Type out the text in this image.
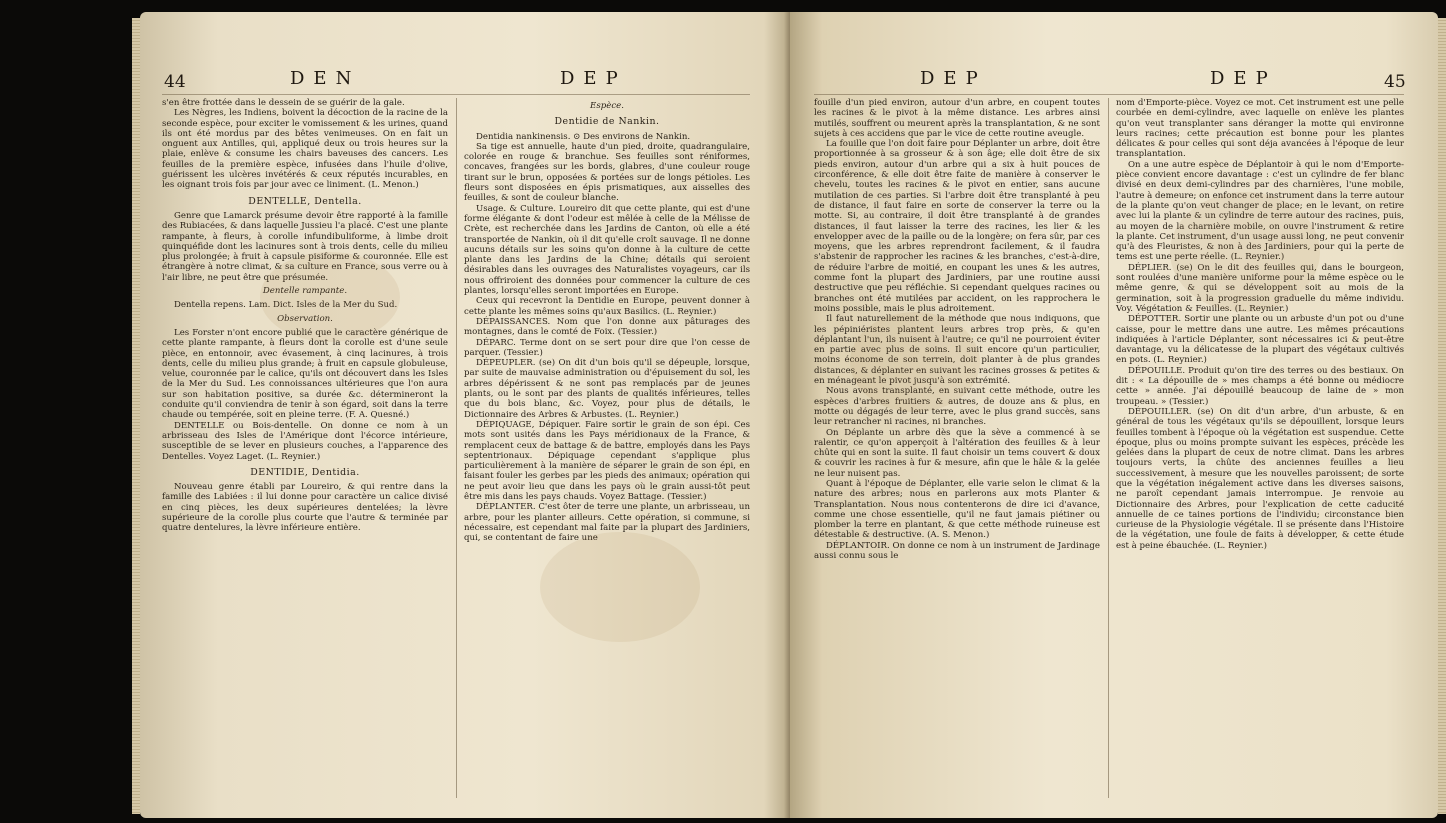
44	DEN	DEP

s'en être frottée dans le dessein de se guérir de la gale.

Les Nègres, les Indiens, boivent la décoction de la racine de la seconde espèce, pour exciter le vomissement & les urines, quand ils ont été mordus par des bêtes venimeuses. On en fait un onguent aux Antilles, qui, appliqué deux ou trois heures sur la plaie, enlève & consume les chairs baveuses des cancers. Les feuilles de la première espèce, infusées dans l'huile d'olive, guérissent les ulcères invétérés & ceux réputés incurables, en les oignant trois fois par jour avec ce liniment. (L. Menon.)

DENTELLE, Dentella.

Genre que Lamarck présume devoir être rapporté à la famille des Rubiacées, & dans laquelle Jussieu l'a placé. C'est une plante rampante, à fleurs, à corolle infundibuliforme, à limbe droit quinquéfide dont les lacinures sont à trois dents, celle du milieu plus prolongée; à fruit à capsule pisiforme & couronnée. Elle est étrangère à notre climat, & sa culture en France, sous verre ou à l'air libre, ne peut être que présumée.

Dentelle rampante.

Dentella repens. Lam. Dict. Isles de la Mer du Sud.

Observation.

Les Forster n'ont encore publié que le caractère générique de cette plante rampante, à fleurs dont la corolle est d'une seule pièce, en entonnoir, avec évasement, à cinq lacinures, à trois dents, celle du milieu plus grande; à fruit en capsule globuleuse, velue, couronnée par le calice, qu'ils ont découvert dans les Isles de la Mer du Sud. Les connoissances ultérieures que l'on aura sur son habitation positive, sa durée &c. détermineront la conduite qu'il conviendra de tenir à son égard, soit dans la terre chaude ou tempérée, soit en pleine terre. (F. A. Quesné.)

DENTELLE ou Bois-dentelle. On donne ce nom à un arbrisseau des Isles de l'Amérique dont l'écorce intérieure, susceptible de se lever en plusieurs couches, a l'apparence des Dentelles. Voyez Laget. (L. Reynier.)

DENTIDIE, Dentidia.

Nouveau genre établi par Loureiro, & qui rentre dans la famille des Labiées : il lui donne pour caractère un calice divisé en cinq pièces, les deux supérieures dentelées; la lèvre supérieure de la corolle plus courte que l'autre & terminée par quatre dentelures, la lèvre inférieure entière.

Espèce.
Dentidie de Nankin.

Dentidia nankinensis. ⊙ Des environs de Nankin.

Sa tige est annuelle, haute d'un pied, droite, quadrangulaire, colorée en rouge & branchue. Ses feuilles sont réniformes, concaves, frangées sur les bords, glabres, d'une couleur rouge tirant sur le brun, opposées & portées sur de longs pétioles. Les fleurs sont disposées en épis prismatiques, aux aisselles des feuilles, & sont de couleur blanche.

Usage. & Culture. Loureiro dit que cette plante, qui est d'une forme élégante & dont l'odeur est mêlée à celle de la Mélisse de Crète, est recherchée dans les Jardins de Canton, où elle a été transportée de Nankin, où il dit qu'elle croît sauvage. Il ne donne aucuns détails sur les soins qu'on donne à la culture de cette plante dans les Jardins de la Chine; détails qui seroient désirables dans les ouvrages des Naturalistes voyageurs, car ils nous offriroient des données pour commencer la culture de ces plantes, lorsqu'elles seront importées en Europe.

Ceux qui recevront la Dentidie en Europe, peuvent donner à cette plante les mêmes soins qu'aux Basilics. (L. Reynier.)

DÉPAISSANCES. Nom que l'on donne aux pâturages des montagnes, dans le comté de Foix. (Tessier.)

DÉPARC. Terme dont on se sert pour dire que l'on cesse de parquer. (Tessier.)

DÉPEUPLER. (se) On dit d'un bois qu'il se dépeuple, lorsque, par suite de mauvaise administration ou d'épuisement du sol, les arbres dépérissent & ne sont pas remplacés par de jeunes plants, ou le sont par des plants de qualités inférieures, telles que du bois blanc, &c. Voyez, pour plus de détails, le Dictionnaire des Arbres & Arbustes. (L. Reynier.)

DÉPIQUAGE, Dépiquer. Faire sortir le grain de son épi. Ces mots sont usités dans les Pays méridionaux de la France, & remplacent ceux de battage & de battre, employés dans les Pays septentrionaux. Dépiquage cependant s'applique plus particulièrement à la manière de séparer le grain de son épi, en faisant fouler les gerbes par les pieds des animaux; opération qui ne peut avoir lieu que dans les pays où le grain aussi-tôt peut être mis dans les pays chauds. Voyez Battage. (Tessier.)

DÉPLANTER. C'est ôter de terre une plante, un arbrisseau, un arbre, pour les planter ailleurs. Cette opération, si commune, si nécessaire, est cependant mal faite par la plupart des Jardiniers, qui, se contentant de faire une

DEP	DEP	45

fouille d'un pied environ, autour d'un arbre, en coupent toutes les racines & le pivot à la même distance. Les arbres ainsi mutilés, souffrent ou meurent après la transplantation, & ne sont sujets à ces accidens que par le vice de cette routine aveugle.

La fouille que l'on doit faire pour Déplanter un arbre, doit être proportionnée à sa grosseur & à son âge; elle doit être de six pieds environ, autour d'un arbre qui a six à huit pouces de circonférence, & elle doit être faite de manière à conserver le chevelu, toutes les racines & le pivot en entier, sans aucune mutilation de ces parties. Si l'arbre doit être transplanté à peu de distance, il faut faire en sorte de conserver la terre ou la motte. Si, au contraire, il doit être transplanté à de grandes distances, il faut laisser la terre des racines, les lier & les envelopper avec de la paille ou de la longère; on fera sûr, par ces moyens, que les arbres reprendront facilement, & il faudra s'abstenir de rapprocher les racines & les branches, c'est-à-dire, de réduire l'arbre de moitié, en coupant les unes & les autres, comme font la plupart des Jardiniers, par une routine aussi destructive que peu réfléchie. Si cependant quelques racines ou branches ont été mutilées par accident, on les rapprochera le moins possible, mais le plus adroitement.

Il faut naturellement de la méthode que nous indiquons, que les pépiniéristes plantent leurs arbres trop près, & qu'en déplantant l'un, ils nuisent à l'autre; ce qu'il ne pourroient éviter en partie avec plus de soins. Il suit encore qu'un particulier, moins économe de son terrein, doit planter à de plus grandes distances, & déplanter en suivant les racines grosses & petites & en ménageant le pivot jusqu'à son extrémité.

Nous avons transplanté, en suivant cette méthode, outre les espèces d'arbres fruitiers & autres, de douze ans & plus, en motte ou dégagés de leur terre, avec le plus grand succès, sans leur retrancher ni racines, ni branches.

On Déplante un arbre dès que la sève a commencé à se ralentir, ce qu'on apperçoit à l'altération des feuilles & à leur chûte qui en sont la suite. Il faut choisir un tems couvert & doux & couvrir les racines à fur & mesure, afin que le hâle & la gelée ne leur nuisent pas.

Quant à l'époque de Déplanter, elle varie selon le climat & la nature des arbres; nous en parlerons aux mots Planter & Transplantation. Nous nous contenterons de dire ici d'avance, comme une chose essentielle, qu'il ne faut jamais piétiner ou plomber la terre en plantant, & que cette méthode ruineuse est détestable & destructive. (A. S. Menon.)

DÉPLANTOIR. On donne ce nom à un instrument de Jardinage aussi connu sous le

nom d'Emporte-pièce. Voyez ce mot. Cet instrument est une pelle courbée en demi-cylindre, avec laquelle on enlève les plantes qu'on veut transplanter sans déranger la motte qui environne leurs racines; cette précaution est bonne pour les plantes délicates & pour celles qui sont déja avancées à l'époque de leur transplantation.

On a une autre espèce de Déplantoir à qui le nom d'Emporte-pièce convient encore davantage : c'est un cylindre de fer blanc divisé en deux demi-cylindres par des charnières, l'une mobile, l'autre à demeure; on enfonce cet instrument dans la terre autour de la plante qu'on veut changer de place; en le levant, on retire avec lui la plante & un cylindre de terre autour des racines, puis, au moyen de la charnière mobile, on ouvre l'instrument & retire la plante. Cet instrument, d'un usage aussi long, ne peut convenir qu'à des Fleuristes, & non à des Jardiniers, pour qui la perte de tems est une perte réelle. (L. Reynier.)

DÉPLIER. (se) On le dit des feuilles qui, dans le bourgeon, sont roulées d'une manière uniforme pour la même espèce ou le même genre, & qui se développent soit au mois de la germination, soit à la progression graduelle du même individu. Voy. Végétation & Feuilles. (L. Reynier.)

DÉPOTTER. Sortir une plante ou un arbuste d'un pot ou d'une caisse, pour le mettre dans une autre. Les mêmes précautions indiquées à l'article Déplanter, sont nécessaires ici & peut-être davantage, vu la délicatesse de la plupart des végétaux cultivés en pots. (L. Reynier.)

DÉPOUILLE. Produit qu'on tire des terres ou des bestiaux. On dit : « La dépouille de » mes champs a été bonne ou médiocre cette » année. J'ai dépouillé beaucoup de laine de » mon troupeau. » (Tessier.)

DÉPOUILLER. (se) On dit d'un arbre, d'un arbuste, & en général de tous les végétaux qu'ils se dépouillent, lorsque leurs feuilles tombent à l'époque où la végétation est suspendue. Cette époque, plus ou moins prompte suivant les espèces, précède les gelées dans la plupart de ceux de notre climat. Dans les arbres toujours verts, la chûte des anciennes feuilles a lieu successivement, à mesure que les nouvelles paroissent; de sorte que la végétation inégalement active dans les diverses saisons, ne paroît cependant jamais interrompue. Je renvoie au Dictionnaire des Arbres, pour l'explication de cette caducité annuelle de ce taines portions de l'individu; circonstance bien curieuse de la Physiologie végétale. Il se présente dans l'Histoire de la végétation, une foule de faits à développer, & cette étude est à peine ébauchée. (L. Reynier.)
